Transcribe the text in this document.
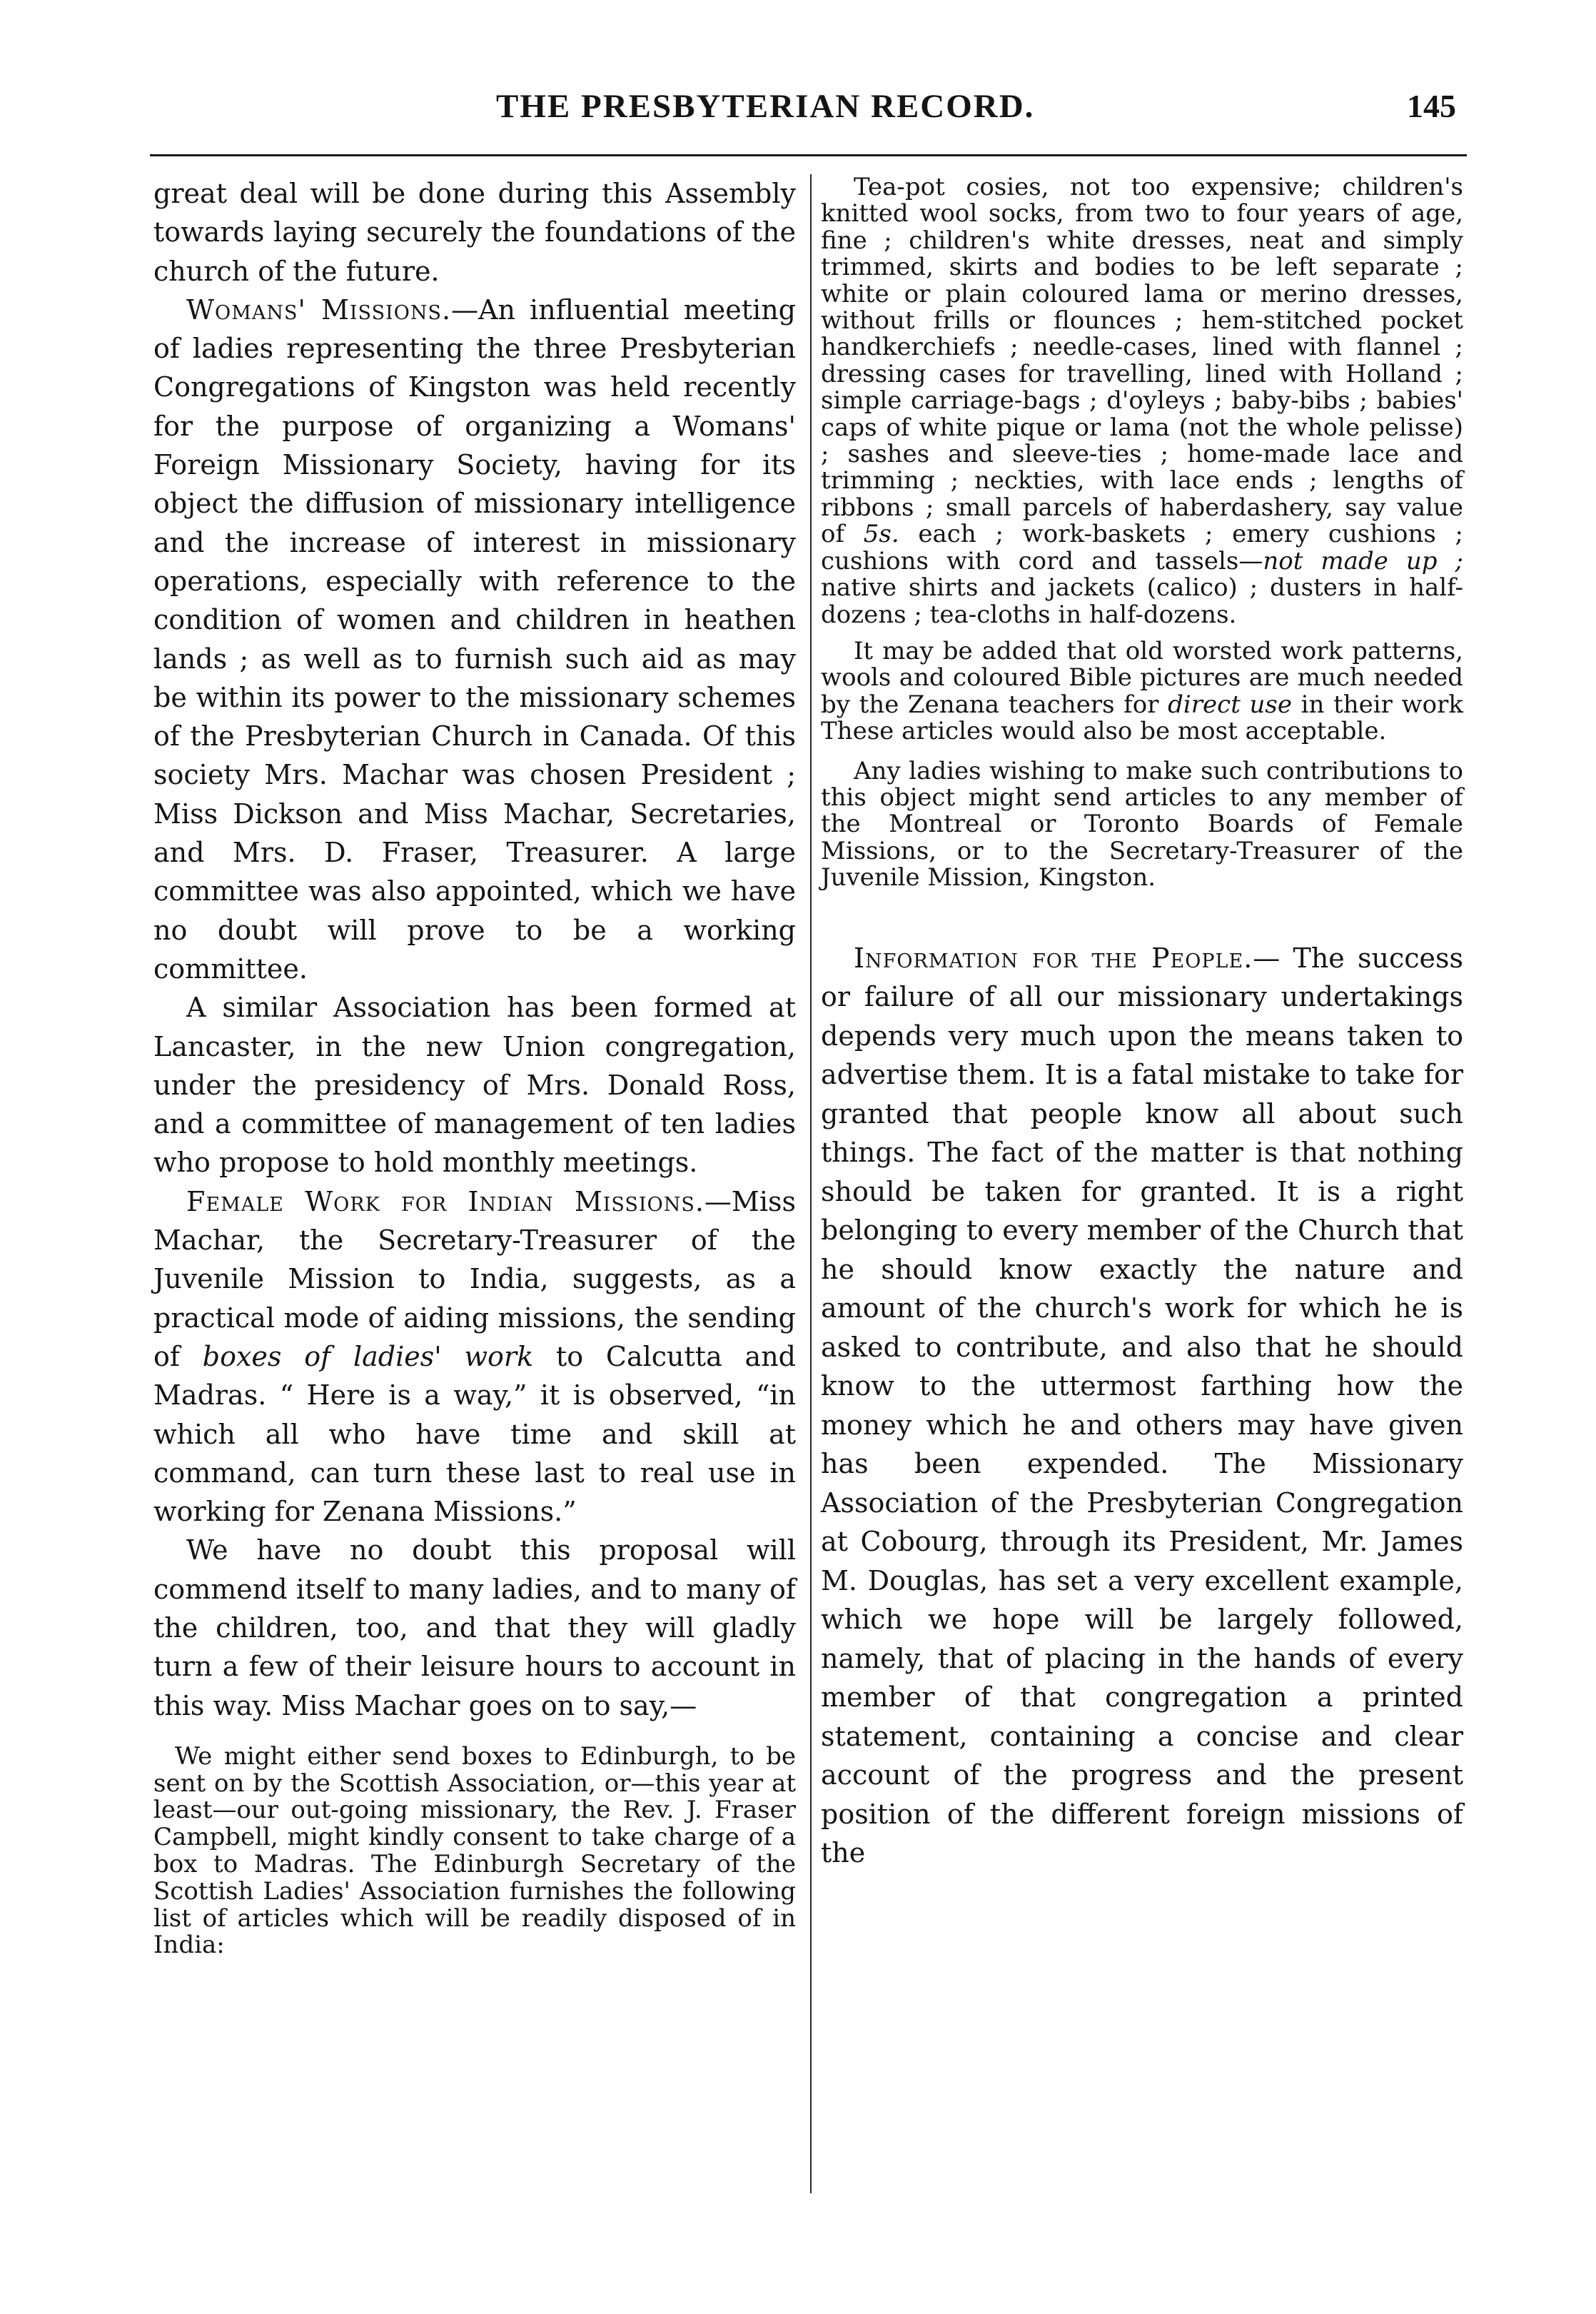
THE PRESBYTERIAN RECORD.	145

great deal will be done during this Assembly towards laying securely the foundations of the church of the future.

Womans' Missions.—An influential meeting of ladies representing the three Presbyterian Congregations of Kingston was held recently for the purpose of organizing a Womans' Foreign Missionary Society, having for its object the diffusion of missionary intelligence and the increase of interest in missionary operations, especially with reference to the condition of women and children in heathen lands ; as well as to furnish such aid as may be within its power to the missionary schemes of the Presbyterian Church in Canada. Of this society Mrs. Machar was chosen President ; Miss Dickson and Miss Machar, Secretaries, and Mrs. D. Fraser, Treasurer. A large committee was also appointed, which we have no doubt will prove to be a working committee.

A similar Association has been formed at Lancaster, in the new Union congregation, under the presidency of Mrs. Donald Ross, and a committee of management of ten ladies who propose to hold monthly meetings.

Female Work for Indian Missions.—Miss Machar, the Secretary-Treasurer of the Juvenile Mission to India, suggests, as a practical mode of aiding missions, the sending of boxes of ladies' work to Calcutta and Madras. “ Here is a way,” it is observed, “in which all who have time and skill at command, can turn these last to real use in working for Zenana Missions.”

We have no doubt this proposal will commend itself to many ladies, and to many of the children, too, and that they will gladly turn a few of their leisure hours to account in this way. Miss Machar goes on to say,—

We might either send boxes to Edinburgh, to be sent on by the Scottish Association, or—this year at least—our out-going missionary, the Rev. J. Fraser Campbell, might kindly consent to take charge of a box to Madras. The Edinburgh Secretary of the Scottish Ladies' Association furnishes the following list of articles which will be readily disposed of in India:

Tea-pot cosies, not too expensive; children's knitted wool socks, from two to four years of age, fine ; children's white dresses, neat and simply trimmed, skirts and bodies to be left separate ; white or plain coloured lama or merino dresses, without frills or flounces ; hem-stitched pocket handkerchiefs ; needle-cases, lined with flannel ; dressing cases for travelling, lined with Holland ; simple carriage-bags ; d'oyleys ; baby-bibs ; babies' caps of white pique or lama (not the whole pelisse) ; sashes and sleeve-ties ; home-made lace and trimming ; neckties, with lace ends ; lengths of ribbons ; small parcels of haberdashery, say value of 5s. each ; work-baskets ; emery cushions ; cushions with cord and tassels—not made up ; native shirts and jackets (calico) ; dusters in half-dozens ; tea-cloths in half-dozens.

It may be added that old worsted work patterns, wools and coloured Bible pictures are much needed by the Zenana teachers for direct use in their work These articles would also be most acceptable.

Any ladies wishing to make such contributions to this object might send articles to any member of the Montreal or Toronto Boards of Female Missions, or to the Secretary-Treasurer of the Juvenile Mission, Kingston.

Information for the People.— The success or failure of all our missionary undertakings depends very much upon the means taken to advertise them. It is a fatal mistake to take for granted that people know all about such things. The fact of the matter is that nothing should be taken for granted. It is a right belonging to every member of the Church that he should know exactly the nature and amount of the church's work for which he is asked to contribute, and also that he should know to the uttermost farthing how the money which he and others may have given has been expended. The Missionary Association of the Presbyterian Congregation at Cobourg, through its President, Mr. James M. Douglas, has set a very excellent example, which we hope will be largely followed, namely, that of placing in the hands of every member of that congregation a printed statement, containing a concise and clear account of the progress and the present position of the different foreign missions of the
